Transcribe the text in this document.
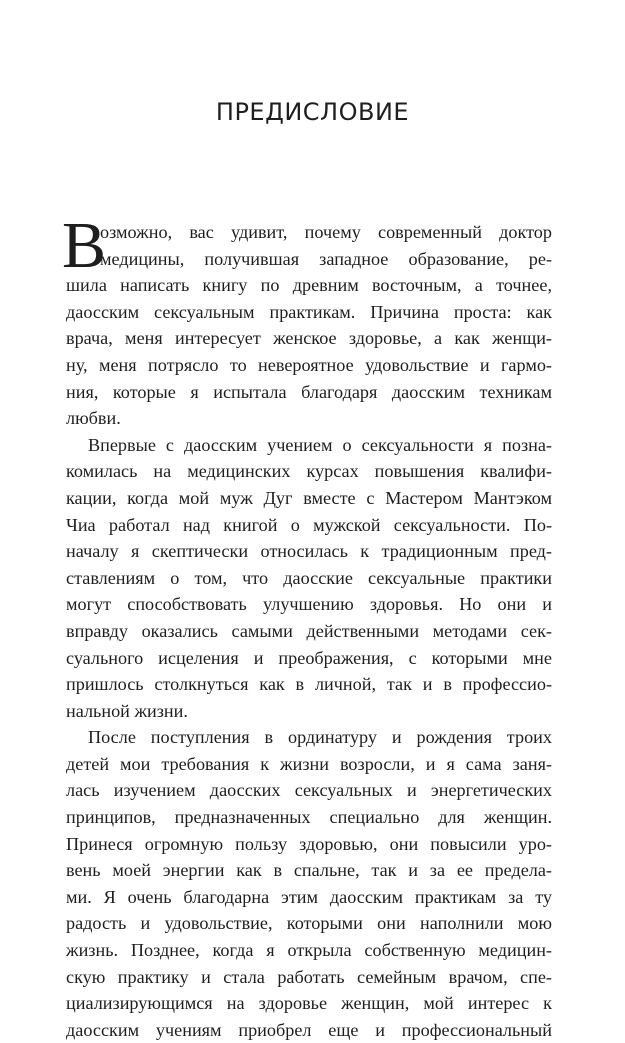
ПРЕДИСЛОВИЕ
В
озможно, вас удивит, почему современный доктор
медицины, получившая западное образование, ре-
шила написать книгу по древним восточным, а точнее,
даосским сексуальным практикам. Причина проста: как
врача, меня интересует женское здоровье, а как женщи-
ну, меня потрясло то невероятное удовольствие и гармо-
ния, которые я испытала благодаря даосским техникам
любви.
Впервые с даосским учением о сексуальности я позна-
комилась на медицинских курсах повышения квалифи-
кации, когда мой муж Дуг вместе с Мастером Мантэком
Чиа работал над книгой о мужской сексуальности. По-
началу я скептически относилась к традиционным пред-
ставлениям о том, что даосские сексуальные практики
могут способствовать улучшению здоровья. Но они и
вправду оказались самыми действенными методами сек-
суального исцеления и преображения, с которыми мне
пришлось столкнуться как в личной, так и в профессио-
нальной жизни.
После поступления в ординатуру и рождения троих
детей мои требования к жизни возросли, и я сама заня-
лась изучением даосских сексуальных и энергетических
принципов, предназначенных специально для женщин.
Принеся огромную пользу здоровью, они повысили уро-
вень моей энергии как в спальне, так и за ее предела-
ми. Я очень благодарна этим даосским практикам за ту
радость и удовольствие, которыми они наполнили мою
жизнь. Позднее, когда я открыла собственную медицин-
скую практику и стала работать семейным врачом, спе-
циализирующимся на здоровье женщин, мой интерес к
даосским учениям приобрел еще и профессиональный
